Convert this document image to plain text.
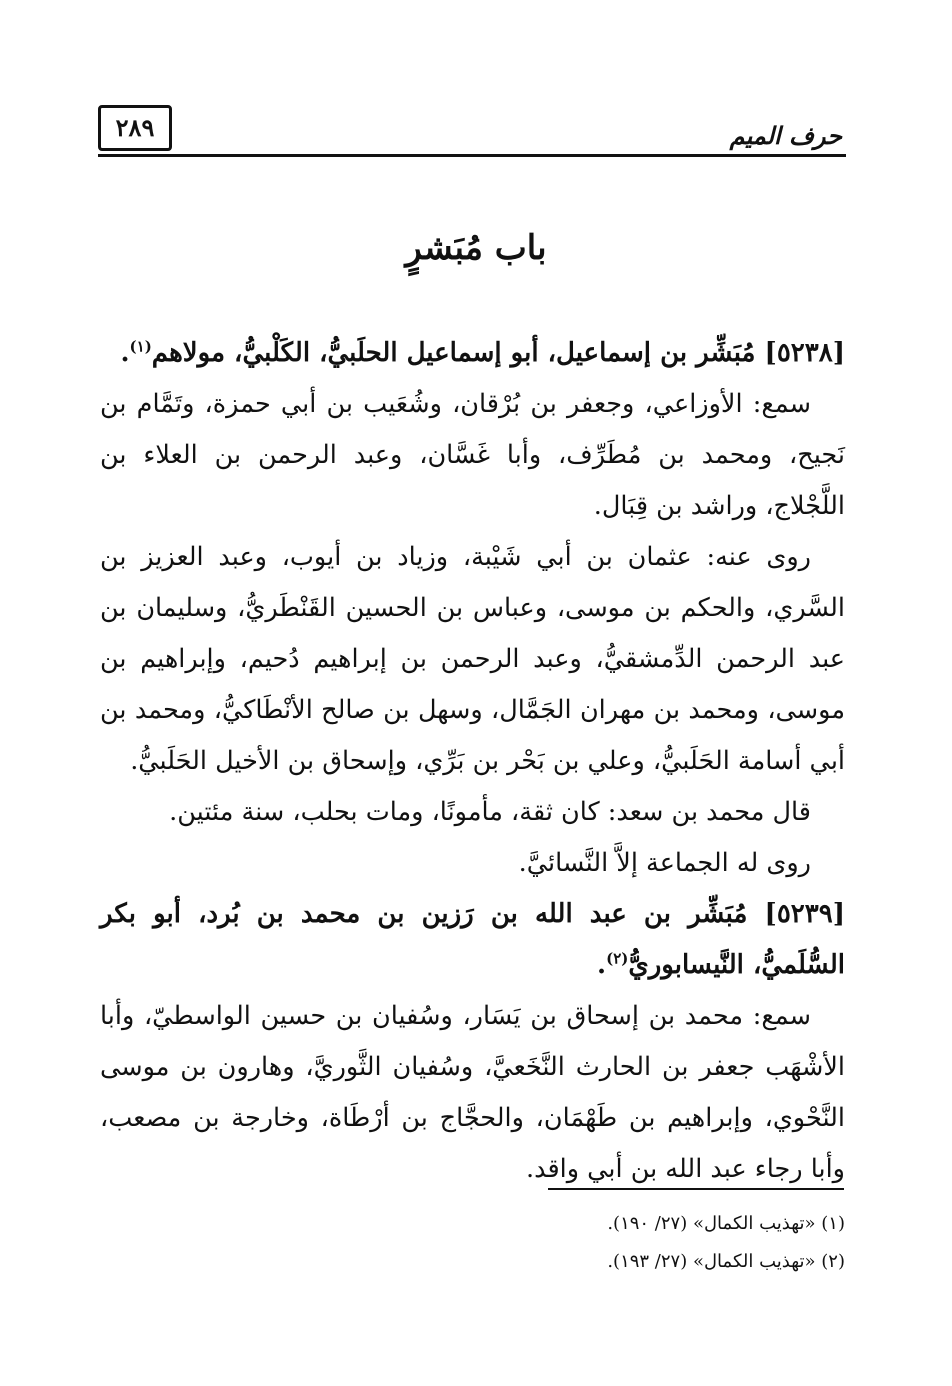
حرف الميم
٢٨٩
باب مُبَشرٍ

[٥٢٣٨] مُبَشِّر بن إسماعيل، أبو إسماعيل الحلَبيُّ، الكَلْبيُّ، مولاهم$^{(١)}$.

سمع: الأوزاعي، وجعفر بن بُرْقان، وشُعَيب بن أبي حمزة، وتَمَّام بن نَجيح، ومحمد بن مُطَرِّف، وأبا غَسَّان، وعبد الرحمن بن العلاء بن اللَّجْلاج، وراشد بن قِبَال.

روى عنه: عثمان بن أبي شَيْبة، وزياد بن أيوب، وعبد العزيز بن السَّري، والحكم بن موسى، وعباس بن الحسين القَنْطَريُّ، وسليمان بن عبد الرحمن الدِّمشقيُّ، وعبد الرحمن بن إبراهيم دُحيم، وإبراهيم بن موسى، ومحمد بن مهران الجَمَّال، وسهل بن صالح الأنْطَاكيُّ، ومحمد بن أبي أسامة الحَلَبيُّ، وعلي بن بَحْر بن بَرِّي، وإسحاق بن الأخيل الحَلَبيُّ.

قال محمد بن سعد: كان ثقة، مأمونًا، ومات بحلب، سنة مئتين.

روى له الجماعة إلاَّ النَّسائيَّ.

[٥٢٣٩] مُبَشِّر بن عبد الله بن رَزين بن محمد بن بُرد، أبو بكر السُّلَميُّ، النَّيسابوريُّ$^{(٢)}$.

سمع: محمد بن إسحاق بن يَسَار، وسُفيان بن حسين الواسطيّ، وأبا الأشْهَب جعفر بن الحارث النَّخَعيَّ، وسُفيان الثَّوريَّ، وهارون بن موسى النَّحْوي، وإبراهيم بن طَهْمَان، والحجَّاج بن أرْطَاة، وخارجة بن مصعب، وأبا رجاء عبد الله بن أبي واقد.

(١) «تهذيب الكمال» (٢٧/ ١٩٠).

(٢) «تهذيب الكمال» (٢٧/ ١٩٣).
